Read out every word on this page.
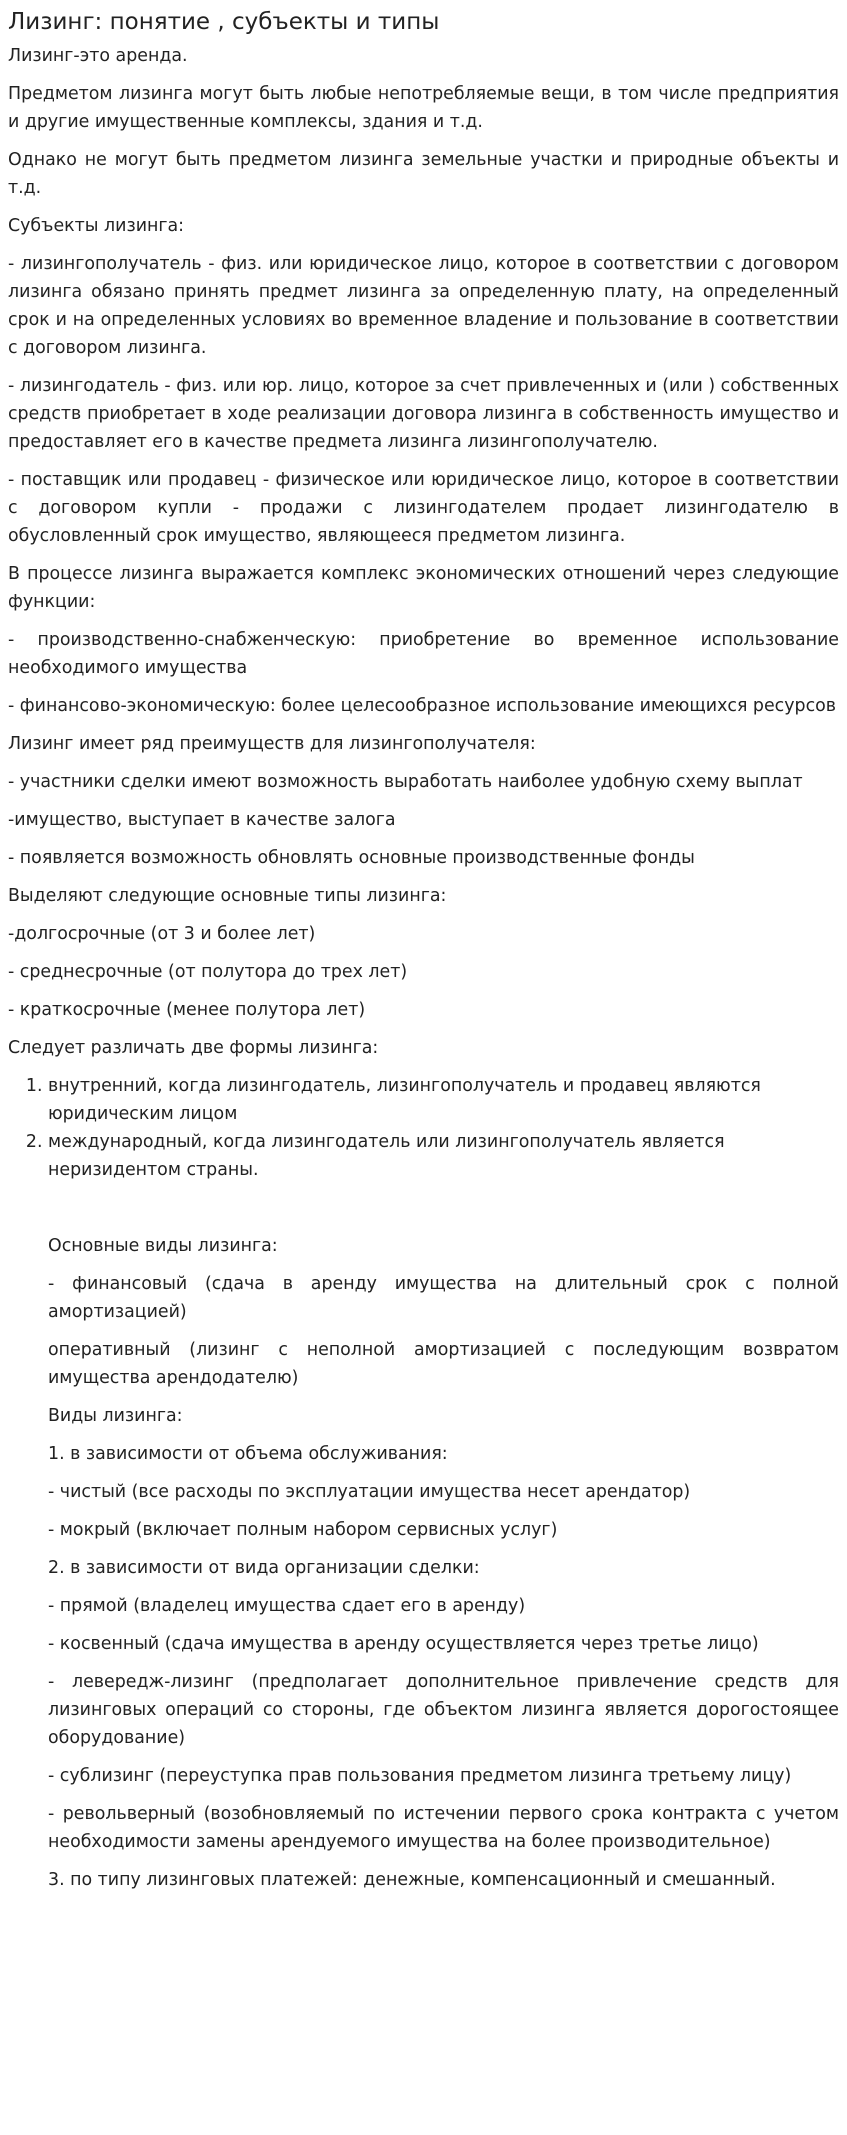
Лизинг: понятие , субъекты и типы

Лизинг-это аренда.

Предметом лизинга могут быть любые непотребляемые вещи, в том числе предприятия и другие имущественные комплексы, здания и т.д.

Однако не могут быть предметом лизинга земельные участки и природные объекты и т.д.

Субъекты лизинга:

- лизингополучатель - физ. или юридическое лицо, которое в соответствии с договором лизинга обязано принять предмет лизинга за определенную плату, на определенный срок и на определенных условиях во временное владение и пользование в соответствии с договором лизинга.

- лизингодатель - физ. или юр. лицо, которое за счет привлеченных и (или ) собственных средств приобретает в ходе реализации договора лизинга в собственность имущество и предоставляет его в качестве предмета лизинга лизингополучателю.

- поставщик или продавец - физическое или юридическое лицо, которое в соответствии с договором купли - продажи с лизингодателем продает лизингодателю в обусловленный срок имущество, являющееся предметом лизинга.

В процессе лизинга выражается комплекс экономических отношений через следующие функции:

- производственно-снабженческую: приобретение во временное использование необходимого имущества

- финансово-экономическую: более целесообразное использование имеющихся ресурсов

Лизинг имеет ряд преимуществ для лизингополучателя:

- участники сделки имеют возможность выработать наиболее удобную схему выплат

-имущество, выступает в качестве залога

- появляется возможность обновлять основные производственные фонды

Выделяют следующие основные типы лизинга:

-долгосрочные (от 3 и более лет)

- среднесрочные (от полутора до трех лет)

- краткосрочные (менее полутора лет)

Следует различать две формы лизинга:

1. внутренний, когда лизингодатель, лизингополучатель и продавец являются юридическим лицом
2. международный, когда лизингодатель или лизингополучатель является неризидентом страны.

Основные виды лизинга:

- финансовый (сдача в аренду имущества на длительный срок с полной амортизацией)

оперативный (лизинг с неполной амортизацией с последующим возвратом имущества арендодателю)

Виды лизинга:

1. в зависимости от объема обслуживания:

- чистый (все расходы по эксплуатации имущества несет арендатор)

- мокрый (включает полным набором сервисных услуг)

2. в зависимости от вида организации сделки:

- прямой (владелец имущества сдает его в аренду)

- косвенный (сдача имущества в аренду осуществляется через третье лицо)

- левередж-лизинг (предполагает дополнительное привлечение средств для лизинговых операций со стороны, где объектом лизинга является дорогостоящее оборудование)

- сублизинг (переуступка прав пользования предметом лизинга третьему лицу)

- револьверный (возобновляемый по истечении первого срока контракта с учетом необходимости замены арендуемого имущества на более производительное)

3. по типу лизинговых платежей: денежные, компенсационный и смешанный.
